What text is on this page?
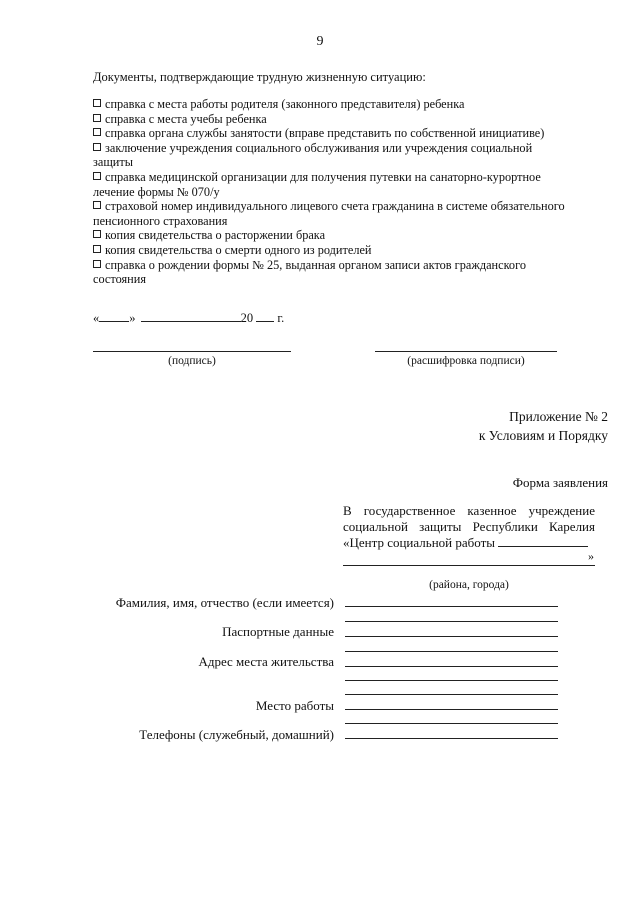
9
Документы, подтверждающие трудную жизненную ситуацию:
справка с места работы родителя (законного представителя) ребенка
справка с места учебы ребенка
справка органа службы занятости (вправе представить по собственной инициативе)
заключение учреждения социального обслуживания или учреждения социальной
защиты
справка медицинской организации для получения путевки на санаторно-курортное
лечение формы № 070/у
страховой номер индивидуального лицевого счета гражданина в системе обязательного
пенсионного страхования
копия свидетельства о расторжении брака
копия свидетельства о смерти одного из родителей
справка о рождении формы № 25, выданная органом записи актов гражданского
состояния
« »	20 г.
(подпись)	(расшифровка подписи)
Приложение № 2
к Условиям и Порядку
Форма заявления
В государственное казенное учреждение
социальной защиты Республики Карелия
«Центр социальной работы
»
(района, города)
Фамилия, имя, отчество (если имеется)
Паспортные данные
Адрес места жительства
Место работы
Телефоны (служебный, домашний)
